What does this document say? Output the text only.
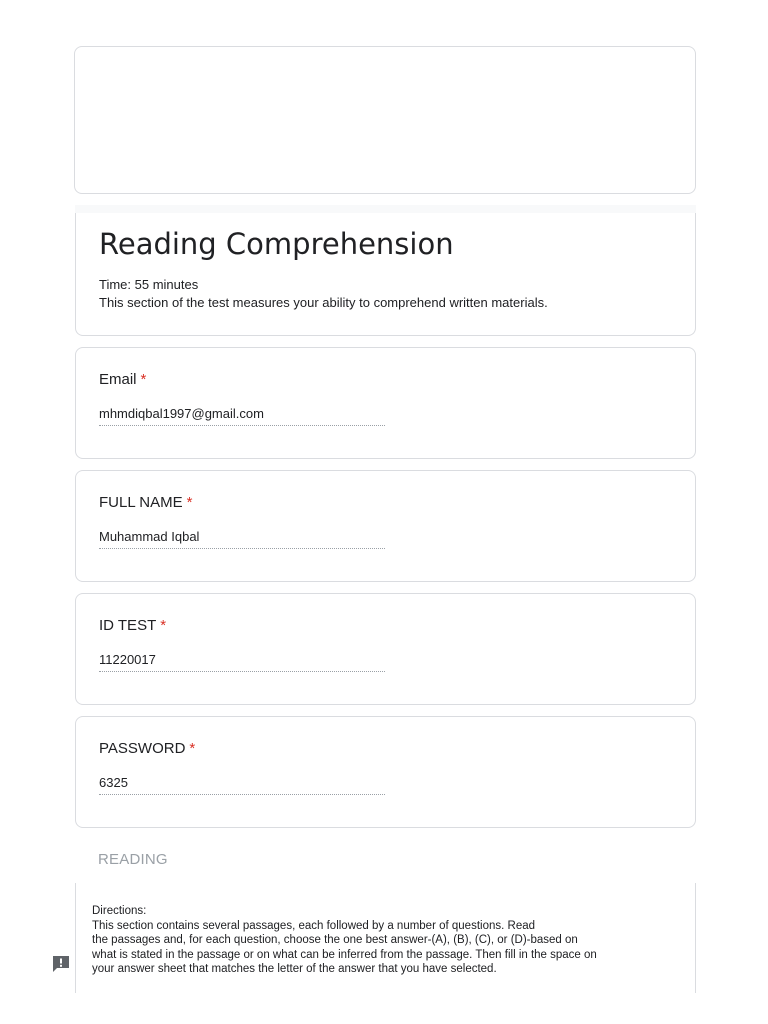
Reading Comprehension
Time: 55 minutes
This section of the test measures your ability to comprehend written materials.
Email *
mhmdiqbal1997@gmail.com
FULL NAME *
Muhammad Iqbal
ID TEST *
11220017
PASSWORD *
6325
READING
Directions:
This section contains several passages, each followed by a number of questions. Read
the passages and, for each question, choose the one best answer-(A), (B), (C), or (D)-based on
what is stated in the passage or on what can be inferred from the passage. Then fill in the space on
your answer sheet that matches the letter of the answer that you have selected.
